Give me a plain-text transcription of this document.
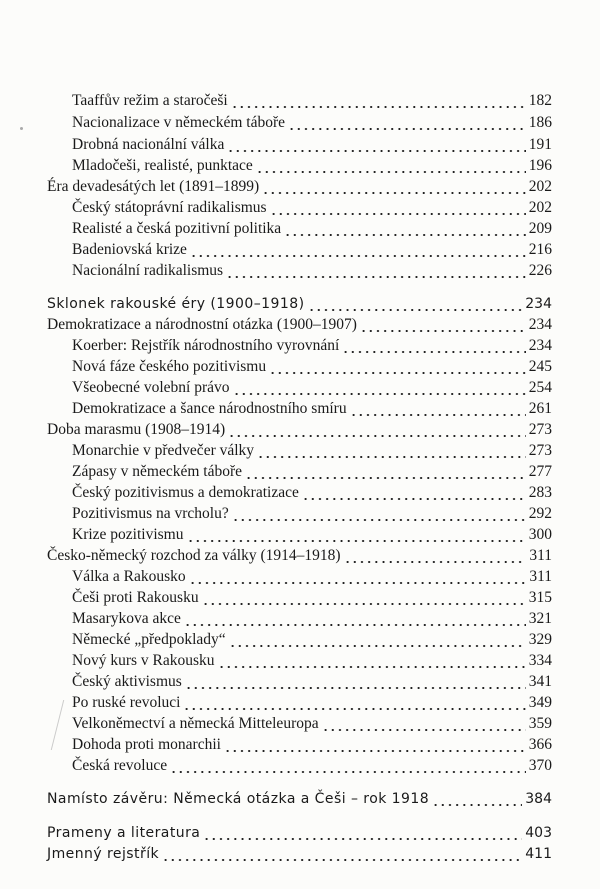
Taaffův režim a staročeši	182
Nacionalizace v německém táboře	186
Drobná nacionální válka	191
Mladočeši, realisté, punktace	196
Éra devadesátých let (1891–1899)	202
Český státoprávní radikalismus	202
Realisté a česká pozitivní politika	209
Badeniovská krize	216
Nacionální radikalismus	226
Sklonek rakouské éry (1900–1918)	234
Demokratizace a národnostní otázka (1900–1907)	234
Koerber: Rejstřík národnostního vyrovnání	234
Nová fáze českého pozitivismu	245
Všeobecné volební právo	254
Demokratizace a šance národnostního smíru	261
Doba marasmu (1908–1914)	273
Monarchie v předvečer války	273
Zápasy v německém táboře	277
Český pozitivismus a demokratizace	283
Pozitivismus na vrcholu?	292
Krize pozitivismu	300
Česko-německý rozchod za války (1914–1918)	311
Válka a Rakousko	311
Češi proti Rakousku	315
Masarykova akce	321
Německé „předpoklady“	329
Nový kurs v Rakousku	334
Český aktivismus	341
Po ruské revoluci	349
Velkoněmectví a německá Mitteleuropa	359
Dohoda proti monarchii	366
Česká revoluce	370
Namísto závěru: Německá otázka a Češi – rok 1918	384
Prameny a literatura	403
Jmenný rejstřík	411
